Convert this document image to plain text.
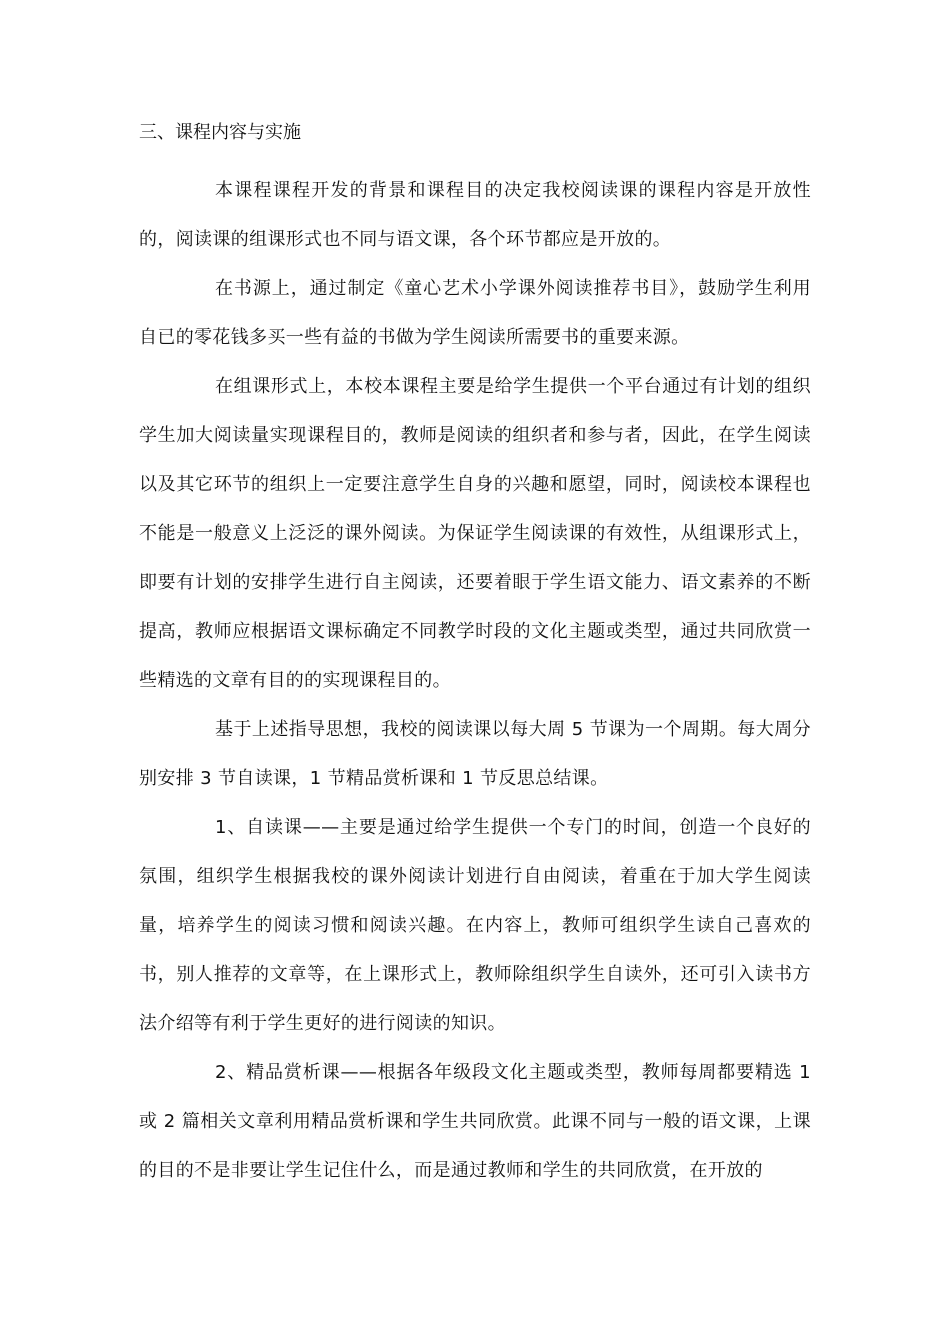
三、课程内容与实施

本课程课程开发的背景和课程目的决定我校阅读课的课程内容是开放性的，阅读课的组课形式也不同与语文课，各个环节都应是开放的。

在书源上，通过制定《童心艺术小学课外阅读推荐书目》，鼓励学生利用自已的零花钱多买一些有益的书做为学生阅读所需要书的重要来源。

在组课形式上，本校本课程主要是给学生提供一个平台通过有计划的组织学生加大阅读量实现课程目的，教师是阅读的组织者和参与者，因此，在学生阅读以及其它环节的组织上一定要注意学生自身的兴趣和愿望，同时，阅读校本课程也不能是一般意义上泛泛的课外阅读。为保证学生阅读课的有效性，从组课形式上，即要有计划的安排学生进行自主阅读，还要着眼于学生语文能力、语文素养的不断提高，教师应根据语文课标确定不同教学时段的文化主题或类型，通过共同欣赏一些精选的文章有目的的实现课程目的。

基于上述指导思想，我校的阅读课以每大周 5 节课为一个周期。每大周分别安排 3 节自读课，1 节精品赏析课和 1 节反思总结课。

1、自读课——主要是通过给学生提供一个专门的时间，创造一个良好的氛围，组织学生根据我校的课外阅读计划进行自由阅读，着重在于加大学生阅读量，培养学生的阅读习惯和阅读兴趣。在内容上，教师可组织学生读自己喜欢的书，别人推荐的文章等，在上课形式上，教师除组织学生自读外，还可引入读书方法介绍等有利于学生更好的进行阅读的知识。

2、精品赏析课——根据各年级段文化主题或类型，教师每周都要精选 1 或 2 篇相关文章利用精品赏析课和学生共同欣赏。此课不同与一般的语文课，上课的目的不是非要让学生记住什么，而是通过教师和学生的共同欣赏，在开放的
